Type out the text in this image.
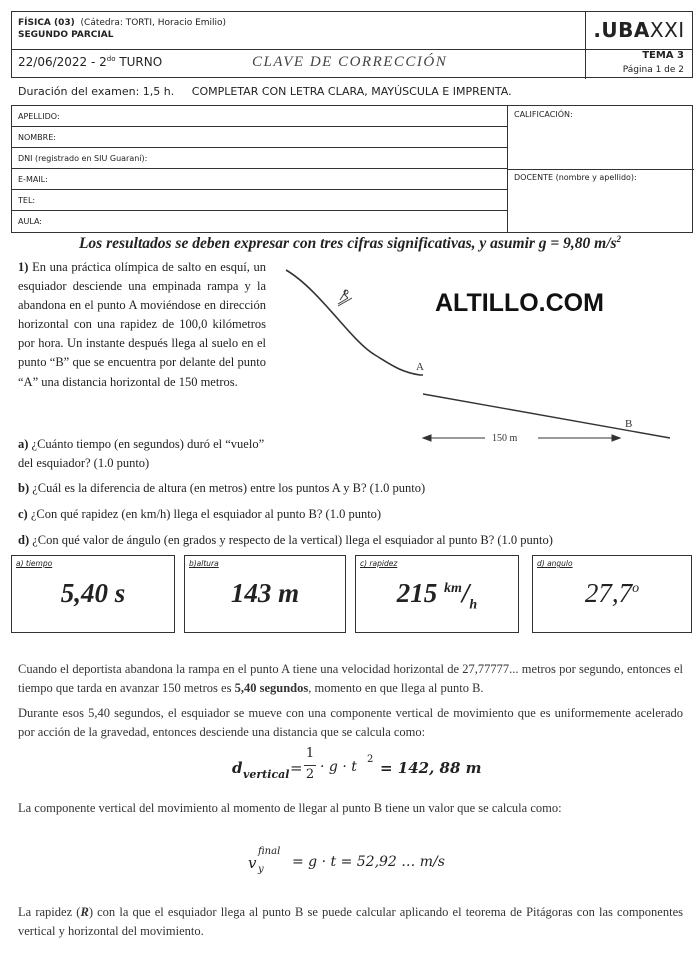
FÍSICA (03) (Cátedra: TORTI, Horacio Emilio)
SEGUNDO PARCIAL	.UBAXXI
TEMA 3
Página 1 de 2
$22/06/2022 - 2^{do}$ TURNO	CLAVE DE CORRECCIÓN
Duración del examen: 1,5 h. COMPLETAR CON LETRA CLARA, MAYÚSCULA E IMPRENTA.
APELLIDO:
NOMBRE:
DNI (registrado en SIU Guaraní):
E-MAIL:
TEL:
AULA:
CALIFICACIÓN:
DOCENTE (nombre y apellido):
Los resultados se deben expresar con tres cifras significativas, y asumir g = 9,80 $m/s^2$
1) En una práctica olímpica de salto en esquí, un esquiador desciende una empinada rampa y la abandona en el punto A moviéndose en dirección horizontal con una rapidez de 100,0 kilómetros por hora. Un instante después llega al suelo en el punto “B” que se encuentra por delante del punto “A” una distancia horizontal de 150 metros.
ALTILLO.COM
A
B
150 m
a) ¿Cuánto tiempo (en segundos) duró el “vuelo” del esquiador? (1.0 punto)
b) ¿Cuál es la diferencia de altura (en metros) entre los puntos A y B? (1.0 punto)
c) ¿Con qué rapidez (en km/h) llega el esquiador al punto B? (1.0 punto)
d) ¿Con qué valor de ángulo (en grados y respecto de la vertical) llega el esquiador al punto B? (1.0 punto)
a) tiempo
5,40 s
b)altura
143 m
c) rapidez
215 $^{km}/_h$
d) angulo
27,7$^o$
Cuando el deportista abandona la rampa en el punto A tiene una velocidad horizontal de 27,77777... metros por segundo, entonces el tiempo que tarda en avanzar 150 metros es 5,40 segundos, momento en que llega al punto B.
Durante esos 5,40 segundos, el esquiador se mueve con una componente vertical de movimiento que es uniformemente acelerado por acción de la gravedad, entonces desciende una distancia que se calcula como:
d vertical =
1
2 · g · t 2 = 142, 88 m
La componente vertical del movimiento al momento de llegar al punto B tiene un valor que se calcula como:
v
final
y = g · t = 52,92 … m/s
La rapidez (R) con la que el esquiador llega al punto B se puede calcular aplicando el teorema de Pitágoras con las componentes vertical y horizontal del movimiento.
